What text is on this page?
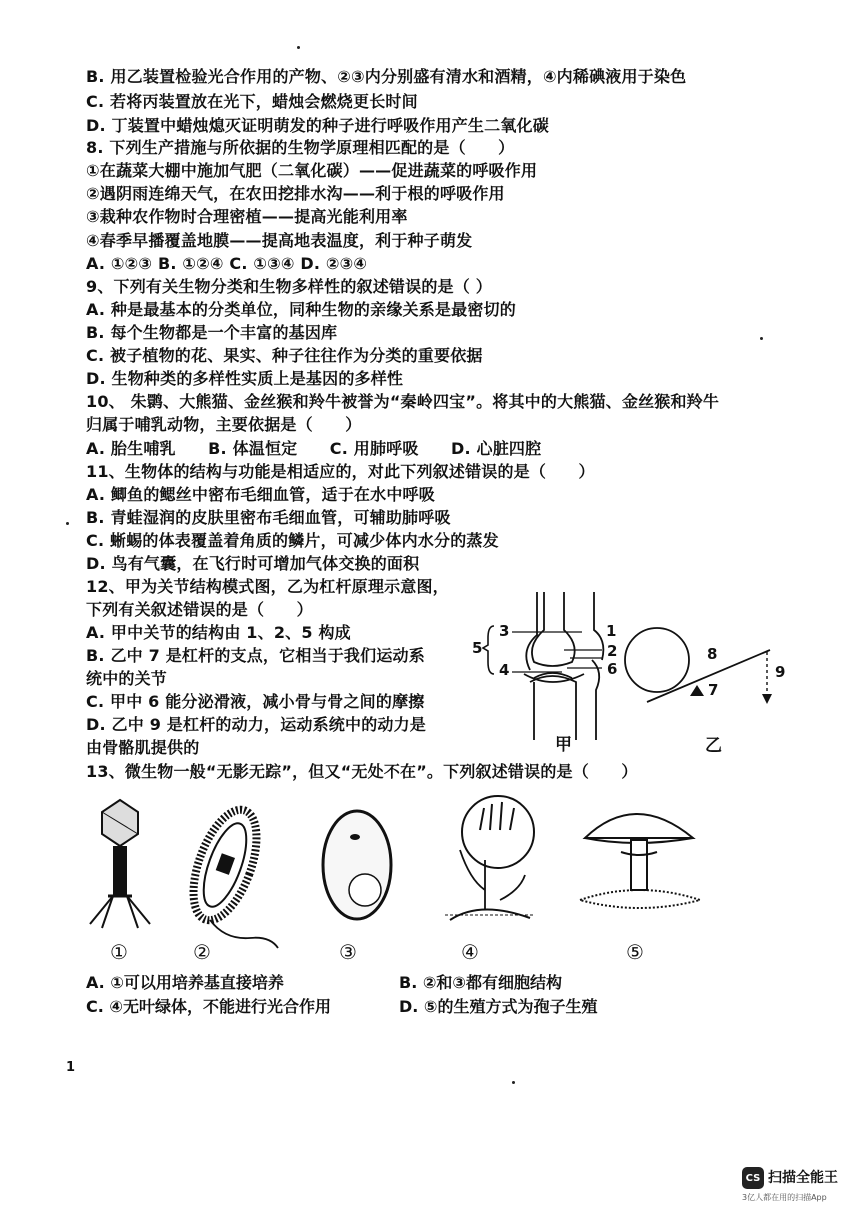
B. 用乙装置检验光合作用的产物、②③内分别盛有清水和酒精，④内稀碘液用于染色
C. 若将丙装置放在光下，蜡烛会燃烧更长时间
D. 丁装置中蜡烛熄灭证明萌发的种子进行呼吸作用产生二氧化碳
8. 下列生产措施与所依据的生物学原理相匹配的是（　　）
①在蔬菜大棚中施加气肥（二氧化碳）——促进蔬菜的呼吸作用
②遇阴雨连绵天气，在农田挖排水沟——利于根的呼吸作用
③栽种农作物时合理密植——提高光能利用率
④春季早播覆盖地膜——提高地表温度，利于种子萌发
A. ①②③ B. ①②④ C. ①③④ D. ②③④
9、下列有关生物分类和生物多样性的叙述错误的是（ ）
A. 种是最基本的分类单位，同种生物的亲缘关系是最密切的
B. 每个生物都是一个丰富的基因库
C. 被子植物的花、果实、种子往往作为分类的重要依据
D. 生物种类的多样性实质上是基因的多样性
10、 朱鹮、大熊猫、金丝猴和羚牛被誉为“秦岭四宝”。将其中的大熊猫、金丝猴和羚牛
归属于哺乳动物，主要依据是（　　）
A. 胎生哺乳　　B. 体温恒定　　C. 用肺呼吸　　D. 心脏四腔
11、生物体的结构与功能是相适应的，对此下列叙述错误的是（　　）
A. 鲫鱼的鳃丝中密布毛细血管，适于在水中呼吸
B. 青蛙湿润的皮肤里密布毛细血管，可辅助肺呼吸
C. 蜥蜴的体表覆盖着角质的鳞片，可减少体内水分的蒸发
D. 鸟有气囊，在飞行时可增加气体交换的面积
12、甲为关节结构模式图，乙为杠杆原理示意图，
下列有关叙述错误的是（　　）
A. 甲中关节的结构由 1、2、5 构成
B. 乙中 7 是杠杆的支点，它相当于我们运动系
统中的关节
C. 甲中 6 能分泌滑液，减小骨与骨之间的摩擦
D. 乙中 9 是杠杆的动力，运动系统中的动力是
由骨骼肌提供的
13、微生物一般“无影无踪”，但又“无处不在”。下列叙述错误的是（　　）
3	1
5	2
4	6
甲
8
9
7
乙
①	②	③	④	⑤
A. ①可以用培养基直接培养	B. ②和③都有细胞结构
C. ④无叶绿体，不能进行光合作用	D. ⑤的生殖方式为孢子生殖
1
CS 扫描全能王
3亿人都在用的扫描App
